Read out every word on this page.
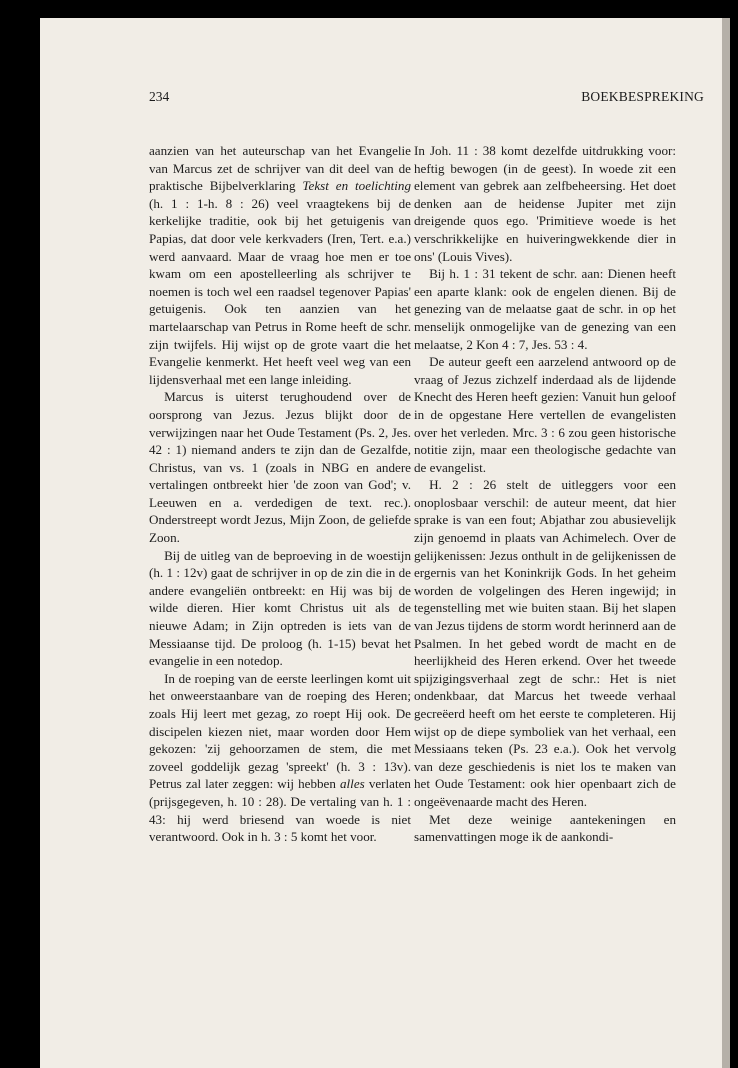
234	BOEKBESPREKING

aanzien van het auteurschap van het Evangelie van Marcus zet de schrijver van dit deel van de praktische Bijbelverklaring Tekst en toelichting (h. 1 : 1-h. 8 : 26) veel vraagtekens bij de kerkelijke traditie, ook bij het getuigenis van Papias, dat door vele kerkvaders (Iren, Tert. e.a.) werd aanvaard. Maar de vraag hoe men er toe kwam om een apostelleerling als schrijver te noemen is toch wel een raadsel tegenover Papias' getuigenis. Ook ten aanzien van het martelaarschap van Petrus in Rome heeft de schr. zijn twijfels. Hij wijst op de grote vaart die het Evangelie kenmerkt. Het heeft veel weg van een lijdensverhaal met een lange inleiding.

Marcus is uiterst terughoudend over de oorsprong van Jezus. Jezus blijkt door de verwijzingen naar het Oude Testament (Ps. 2, Jes. 42 : 1) niemand anders te zijn dan de Gezalfde, Christus, van vs. 1 (zoals in NBG en andere vertalingen ontbreekt hier 'de zoon van God'; v. Leeuwen en a. verdedigen de text. rec.). Onderstreept wordt Jezus, Mijn Zoon, de geliefde Zoon.

Bij de uitleg van de beproeving in de woestijn (h. 1 : 12v) gaat de schrijver in op de zin die in de andere evangeliën ontbreekt: en Hij was bij de wilde dieren. Hier komt Christus uit als de nieuwe Adam; in Zijn optreden is iets van de Messiaanse tijd. De proloog (h. 1-15) bevat het evangelie in een notedop.

In de roeping van de eerste leerlingen komt uit het onweerstaanbare van de roeping des Heren; zoals Hij leert met gezag, zo roept Hij ook. De discipelen kiezen niet, maar worden door Hem gekozen: 'zij gehoorzamen de stem, die met zoveel goddelijk gezag 'spreekt' (h. 3 : 13v). Petrus zal later zeggen: wij hebben alles verlaten (prijsgegeven, h. 10 : 28). De vertaling van h. 1 : 43: hij werd briesend van woede is niet verantwoord. Ook in h. 3 : 5 komt het voor.

In Joh. 11 : 38 komt dezelfde uitdrukking voor: heftig bewogen (in de geest). In woede zit een element van gebrek aan zelfbeheersing. Het doet denken aan de heidense Jupiter met zijn dreigende quos ego. 'Primitieve woede is het verschrikkelijke en huiveringwekkende dier in ons' (Louis Vives).

Bij h. 1 : 31 tekent de schr. aan: Dienen heeft een aparte klank: ook de engelen dienen. Bij de genezing van de melaatse gaat de schr. in op het menselijk onmogelijke van de genezing van een melaatse, 2 Kon 4 : 7, Jes. 53 : 4.

De auteur geeft een aarzelend antwoord op de vraag of Jezus zichzelf inderdaad als de lijdende Knecht des Heren heeft gezien: Vanuit hun geloof in de opgestane Here vertellen de evangelisten over het verleden. Mrc. 3 : 6 zou geen historische notitie zijn, maar een theologische gedachte van de evangelist.

H. 2 : 26 stelt de uitleggers voor een onoplosbaar verschil: de auteur meent, dat hier sprake is van een fout; Abjathar zou abusievelijk zijn genoemd in plaats van Achimelech. Over de gelijkenissen: Jezus onthult in de gelijkenissen de ergernis van het Koninkrijk Gods. In het geheim worden de volgelingen des Heren ingewijd; in tegenstelling met wie buiten staan. Bij het slapen van Jezus tijdens de storm wordt herinnerd aan de Psalmen. In het gebed wordt de macht en de heerlijkheid des Heren erkend. Over het tweede spijzigingsverhaal zegt de schr.: Het is niet ondenkbaar, dat Marcus het tweede verhaal gecreëerd heeft om het eerste te completeren. Hij wijst op de diepe symboliek van het verhaal, een Messiaans teken (Ps. 23 e.a.). Ook het vervolg van deze geschiedenis is niet los te maken van het Oude Testament: ook hier openbaart zich de ongeëvenaarde macht des Heren.

Met deze weinige aantekeningen en samenvattingen moge ik de aankondi-
